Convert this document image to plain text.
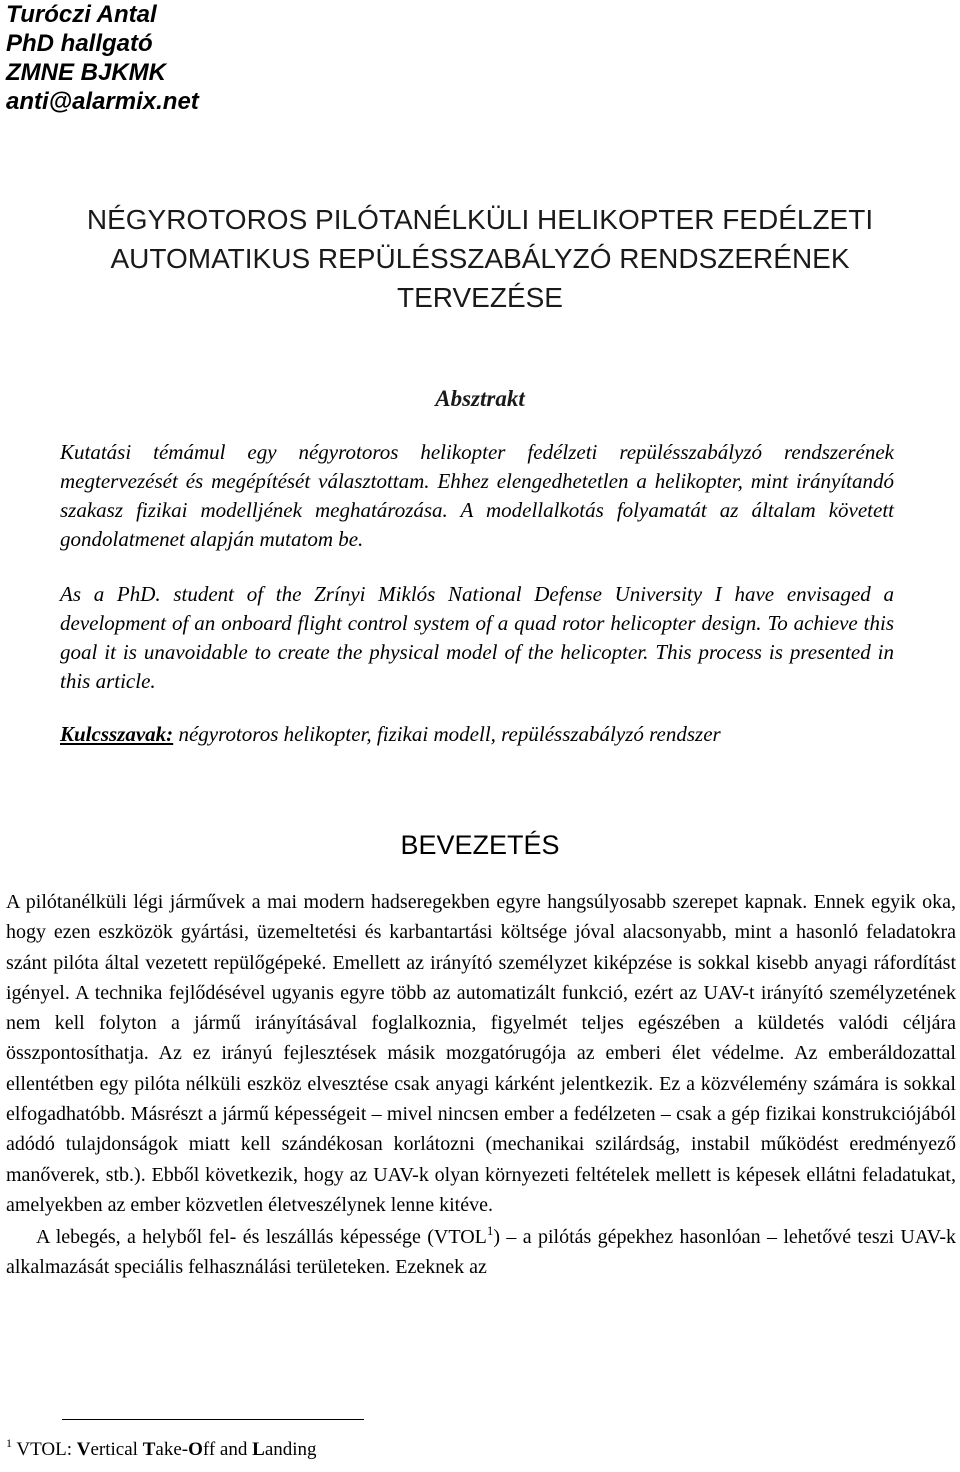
Turóczi Antal
PhD hallgató
ZMNE BJKMK
anti@alarmix.net
NÉGYROTOROS PILÓTANÉLKÜLI HELIKOPTER FEDÉLZETI
AUTOMATIKUS REPÜLÉSSZABÁLYZÓ RENDSZERÉNEK
TERVEZÉSE
Absztrakt
Kutatási témámul egy négyrotoros helikopter fedélzeti repülésszabályzó rendszerének megtervezését és megépítését választottam. Ehhez elengedhetetlen a helikopter, mint irányítandó szakasz fizikai modelljének meghatározása. A modellalkotás folyamatát az általam követett gondolatmenet alapján mutatom be.
As a PhD. student of the Zrínyi Miklós National Defense University I have envisaged a development of an onboard flight control system of a quad rotor helicopter design. To achieve this goal it is unavoidable to create the physical model of the helicopter. This process is presented in this article.
Kulcsszavak: négyrotoros helikopter, fizikai modell, repülésszabályzó rendszer
BEVEZETÉS
A pilótanélküli légi járművek a mai modern hadseregekben egyre hangsúlyosabb szerepet kapnak. Ennek egyik oka, hogy ezen eszközök gyártási, üzemeltetési és karbantartási költsége jóval alacsonyabb, mint a hasonló feladatokra szánt pilóta által vezetett repülőgépeké. Emellett az irányító személyzet kiképzése is sokkal kisebb anyagi ráfordítást igényel. A technika fejlődésével ugyanis egyre több az automatizált funkció, ezért az UAV-t irányító személyzetének nem kell folyton a jármű irányításával foglalkoznia, figyelmét teljes egészében a küldetés valódi céljára összpontosíthatja. Az ez irányú fejlesztések másik mozgatórugója az emberi élet védelme. Az emberáldozattal ellentétben egy pilóta nélküli eszköz elvesztése csak anyagi kárként jelentkezik. Ez a közvélemény számára is sokkal elfogadhatóbb. Másrészt a jármű képességeit – mivel nincsen ember a fedélzeten – csak a gép fizikai konstrukciójából adódó tulajdonságok miatt kell szándékosan korlátozni (mechanikai szilárdság, instabil működést eredményező manőverek, stb.). Ebből következik, hogy az UAV-k olyan környezeti feltételek mellett is képesek ellátni feladatukat, amelyekben az ember közvetlen életveszélynek lenne kitéve.
A lebegés, a helyből fel- és leszállás képessége (VTOL$^1$) – a pilótás gépekhez hasonlóan – lehetővé teszi UAV-k alkalmazását speciális felhasználási területeken. Ezeknek az
$^1$ VTOL: Vertical Take-Off and Landing
